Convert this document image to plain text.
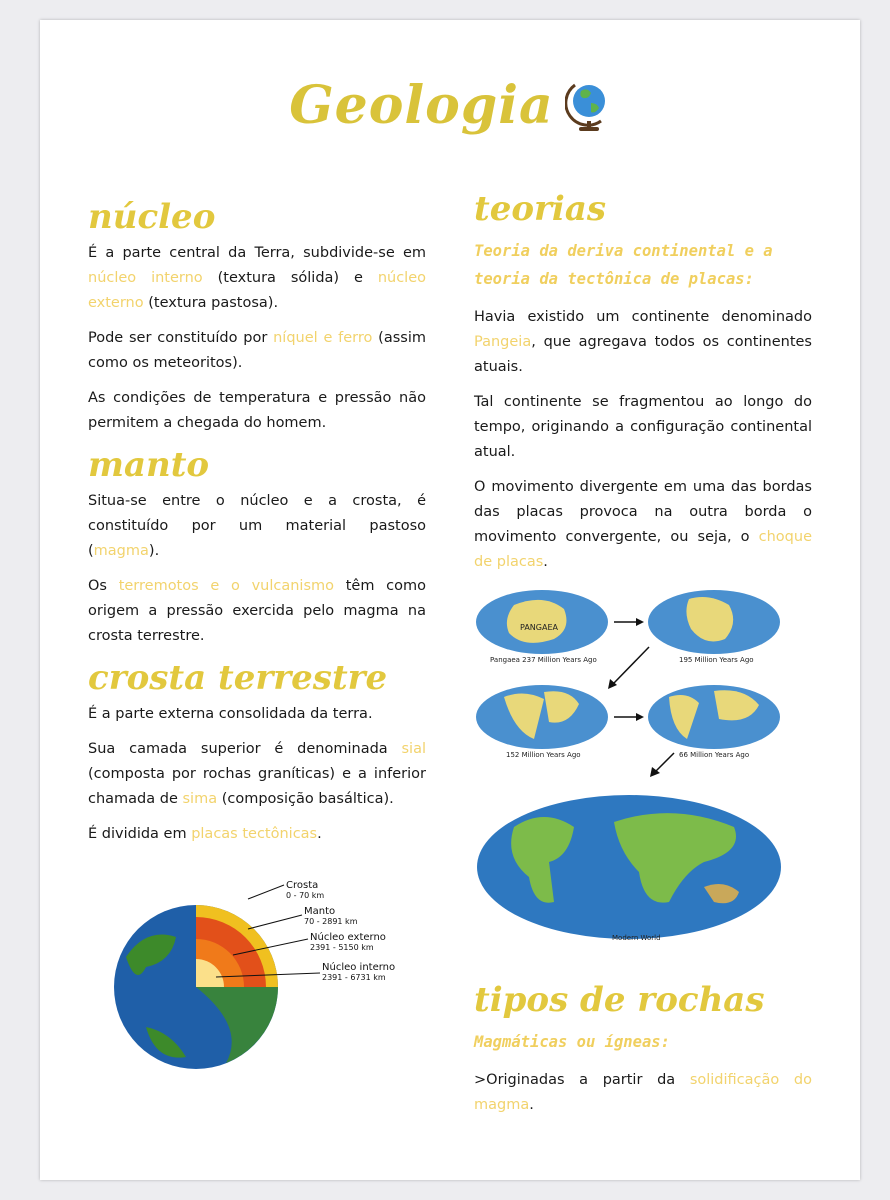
Geologia
núcleo

É a parte central da Terra, subdivide-se em núcleo interno (textura sólida) e núcleo externo (textura pastosa).

Pode ser constituído por níquel e ferro (assim como os meteoritos).

As condições de temperatura e pressão não permitem a chegada do homem.

manto

Situa-se entre o núcleo e a crosta, é constituído por um material pastoso (magma).

Os terremotos e o vulcanismo têm como origem a pressão exercida pelo magma na crosta terrestre.

crosta terrestre

É a parte externa consolidada da terra.

Sua camada superior é denominada sial (composta por rochas graníticas) e a inferior chamada de sima (composição basáltica).

É dividida em placas tectônicas.

Crosta
0 - 70 km
Manto
70 - 2891 km
Núcleo externo
2391 - 5150 km
Núcleo interno
2391 - 6731 km
teorias
Teoria da deriva continental e a teoria da tectônica de placas:

Havia existido um continente denominado Pangeia, que agregava todos os continentes atuais.

Tal continente se fragmentou ao longo do tempo, originando a configuração continental atual.

O movimento divergente em uma das bordas das placas provoca na outra borda o movimento convergente, ou seja, o choque de placas.

PANGAEA
Pangaea 237 Million Years Ago	195 Million Years Ago
152 Million Years Ago	66 Million Years Ago
Modern World
tipos de rochas
Magmáticas ou ígneas:

>Originadas a partir da solidificação do magma.
